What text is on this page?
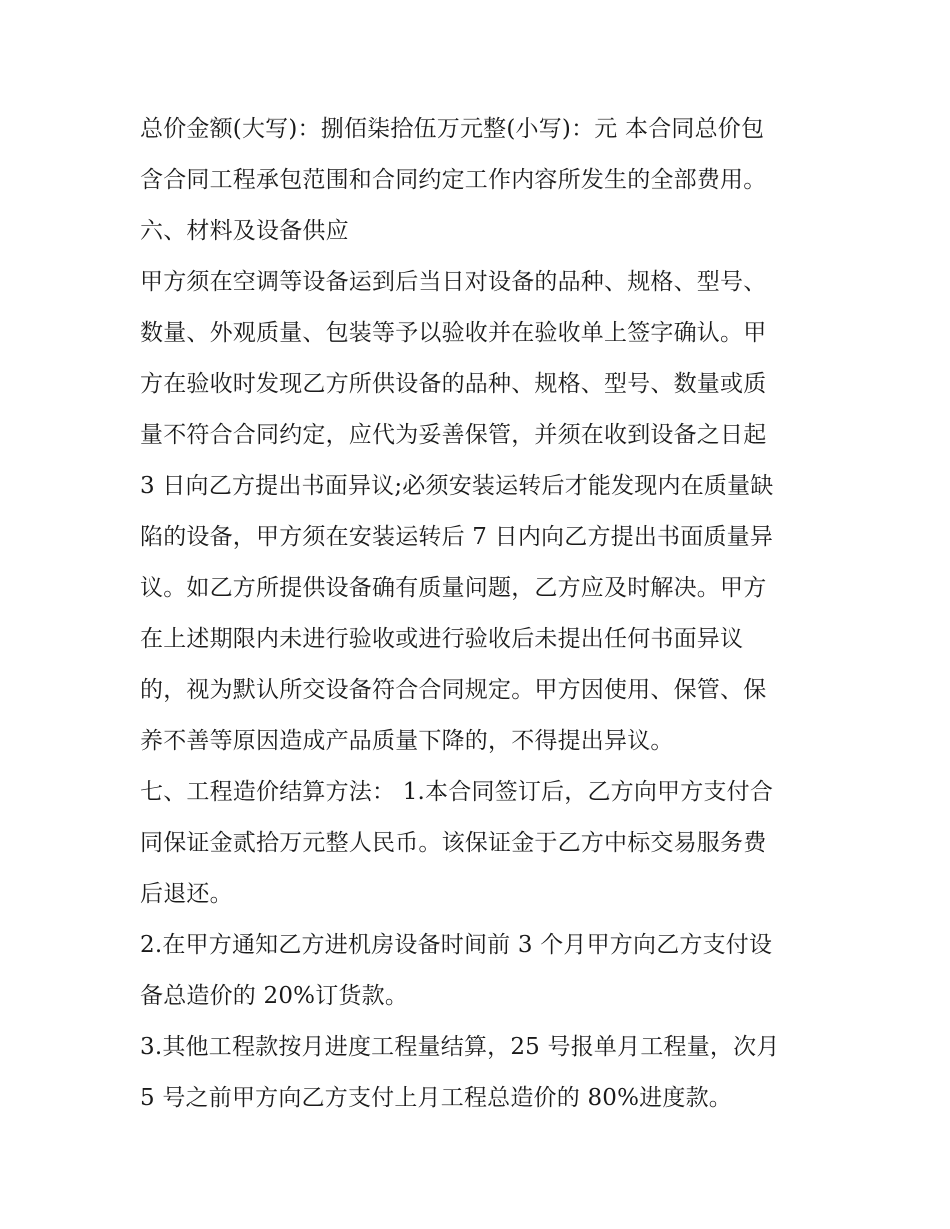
总价金额(大写)：捌佰柒拾伍万元整(小写)：元 本合同总价包
含合同工程承包范围和合同约定工作内容所发生的全部费用。
六、材料及设备供应
甲方须在空调等设备运到后当日对设备的品种、规格、型号、
数量、外观质量、包装等予以验收并在验收单上签字确认。甲
方在验收时发现乙方所供设备的品种、规格、型号、数量或质
量不符合合同约定，应代为妥善保管，并须在收到设备之日起
3 日向乙方提出书面异议;必须安装运转后才能发现内在质量缺
陷的设备，甲方须在安装运转后 7 日内向乙方提出书面质量异
议。如乙方所提供设备确有质量问题，乙方应及时解决。甲方
在上述期限内未进行验收或进行验收后未提出任何书面异议
的，视为默认所交设备符合合同规定。甲方因使用、保管、保
养不善等原因造成产品质量下降的，不得提出异议。
七、工程造价结算方法： 1.本合同签订后，乙方向甲方支付合
同保证金贰拾万元整人民币。该保证金于乙方中标交易服务费
后退还。
2.在甲方通知乙方进机房设备时间前 3 个月甲方向乙方支付设
备总造价的 20%订货款。
3.其他工程款按月进度工程量结算，25 号报单月工程量，次月
5 号之前甲方向乙方支付上月工程总造价的 80%进度款。
